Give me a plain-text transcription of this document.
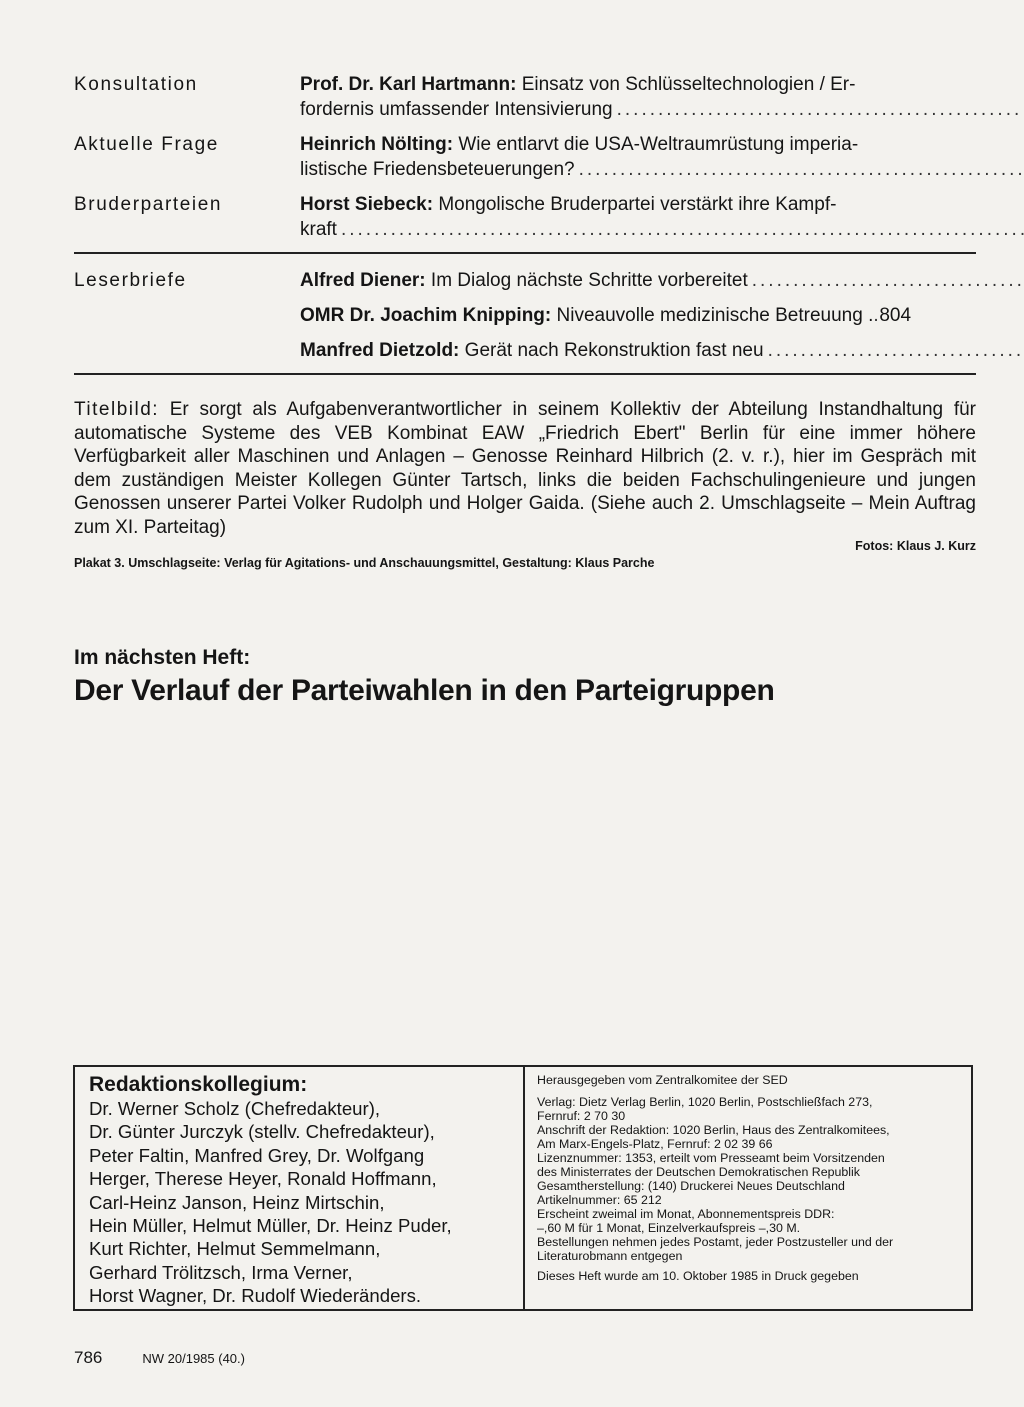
Konsultation	Prof. Dr. Karl Hartmann: Einsatz von Schlüsseltechnologien / Er-
fordernis umfassender Intensivierung
.....
Aktuelle Frage	Heinrich Nölting: Wie entlarvt die USA-Weltraumrüstung imperia-
listische Friedensbeteuerungen?
.....
Bruderparteien	Horst Siebeck: Mongolische Bruderpartei verstärkt ihre Kampf-
kraft
.....
Leserbriefe	Alfred Diener: Im Dialog nächste Schritte vorbereitet
.....
OMR Dr. Joachim Knipping: Niveauvolle medizinische Betreuung .
..... 804
Manfred Dietzold: Gerät nach Rekonstruktion fast neu
.....
Titelbild: Er sorgt als Aufgabenverantwortlicher in seinem Kollektiv der Abteilung Instandhaltung für automatische Systeme des VEB Kombinat EAW „Friedrich Ebert" Berlin für eine immer höhere Verfügbarkeit aller Maschinen und Anlagen – Genosse Reinhard Hilbrich (2. v. r.), hier im Gespräch mit dem zuständigen Meister Kollegen Günter Tartsch, links die beiden Fachschulingenieure und jungen Genossen unserer Partei Volker Rudolph und Holger Gaida. (Siehe auch 2. Umschlagseite – Mein Auftrag zum XI. Parteitag)
Fotos: Klaus J. Kurz
Plakat 3. Umschlagseite: Verlag für Agitations- und Anschauungsmittel, Gestaltung: Klaus Parche
Im nächsten Heft:
Der Verlauf der Parteiwahlen in den Parteigruppen
Redaktionskollegium:
Dr. Werner Scholz (Chefredakteur),
Dr. Günter Jurczyk (stellv. Chefredakteur),
Peter Faltin, Manfred Grey, Dr. Wolfgang
Herger, Therese Heyer, Ronald Hoffmann,
Carl-Heinz Janson, Heinz Mirtschin,
Hein Müller, Helmut Müller, Dr. Heinz Puder,
Kurt Richter, Helmut Semmelmann,
Gerhard Trölitzsch, Irma Verner,
Horst Wagner, Dr. Rudolf Wiederänders.
Herausgegeben vom Zentralkomitee der SED
Verlag: Dietz Verlag Berlin, 1020 Berlin, Postschließfach 273,
Fernruf: 2 70 30
Anschrift der Redaktion: 1020 Berlin, Haus des Zentralkomitees,
Am Marx-Engels-Platz, Fernruf: 2 02 39 66
Lizenznummer: 1353, erteilt vom Presseamt beim Vorsitzenden
des Ministerrates der Deutschen Demokratischen Republik
Gesamtherstellung: (140) Druckerei Neues Deutschland
Artikelnummer: 65 212
Erscheint zweimal im Monat, Abonnementspreis DDR:
–,60 M für 1 Monat, Einzelverkaufspreis –,30 M.
Bestellungen nehmen jedes Postamt, jeder Postzusteller und der
Literaturobmann entgegen
Dieses Heft wurde am 10. Oktober 1985 in Druck gegeben
786	NW 20/1985 (40.)
